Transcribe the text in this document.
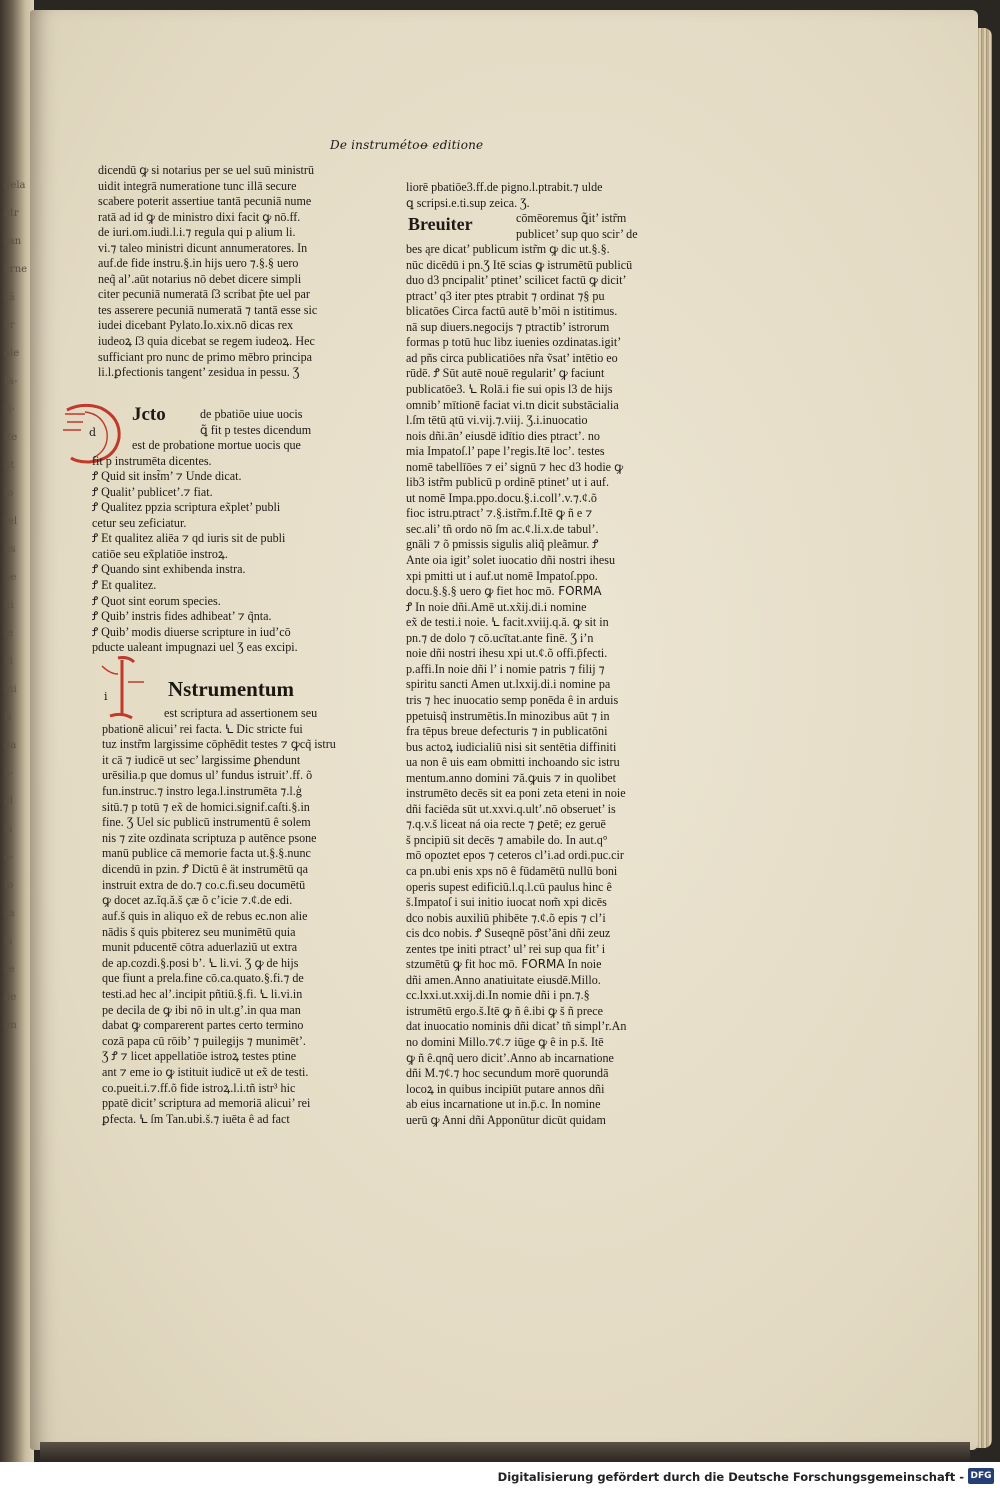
dela
etr
ran
erne
rã
er
oie
ta-
ti-
ite
nt
io
tel
us
ue
ni
ie
ci
mi
ti
da
a-
el
is
o-
lo
ra
is
re
de
im
De instrumétoꝋ editione
dicendū ꝙ si notarius per se uel suū ministrū
uidit integrā numeratione tunc illā secure
scabere poterit assertiue tantā pecuniā nume
ratā ad id ꝙ de ministro dixi facit ꝙ nō.ff.
de iuri.om.iudi.l.i.⁊ regula qui p alium li.
vi.⁊ taleo ministri dicunt annumeratores. In
auf.de fide instru.§.in hijs uero ⁊.§.§ uero
neq̃ al’.aūt notarius nō debet dicere simpli
citer pecuniā numeratā ſ3 scribat p̃te uel par
tes asserere pecuniā numeratā ⁊ tantā esse sic
iudei dicebant Pylato.Io.xix.nō dicas rex
iudeoꝝ ſ3 quia dicebat se regem iudeoꝝ. Hec
sufficiant pro nunc de primo mēbro principa
li.l.ꝑfectionis tangent’ zesidua in pessu. Ʒ
d
Jcto	de pbatiōe uiue uocis
ꝗ̃ fit p testes dicendum
est de probatione mortue uocis que
fit p instrumēta dicentes.
Ꝭ Quid sit inst̃m’ ⁊ Unde dicat.
Ꝭ Qualit’ publicet’.⁊ fiat.
Ꝭ Qualitez ppzia scriptura ex̃plet’ publi
cetur seu zeficiatur.
Ꝭ Et qualitez aliēa ⁊ qd iuris sit de publi
catiōe seu ex̃platiōe instroꝝ.
Ꝭ Quando sint exhibenda instra.
Ꝭ Et qualitez.
Ꝭ Quot sint eorum species.
Ꝭ Quib’ instris fides adhibeat’ ⁊ q̃nta.
Ꝭ Quib’ modis diuerse scripture in iud’cō
pducte ualeant impugnazi uel Ʒ eas excipi.
i	Nstrumentum
est scriptura ad assertionem seu
pbationē alicui’ rei facta. Ꝇ Dic stricte fui
tuz instr̃m largissime cōphēdit testes ⁊ ꝙcq̃ istru
it cā ⁊ iudicē ut sec’ largissime ꝑhendunt
urēsilia.p que domus ul’ fundus istruit’.ff. õ
fun.instruc.⁊ instro lega.l.instrumēta ⁊.l.ģ
sitū.⁊ p totū ⁊ ex̃ de homici.signif.caſti.§.in
fine. Ʒ Uel sic publicū instrumentū ê solem
nis ⁊ zite ozdinata scriptuza p autēnce psone
manū publice cā memorie facta ut.§.§.nunc
dicendū in pzin. Ꝭ Dictū ê ät instrumētū qa
instruit extra de do.⁊ co.c.fi.seu documētū
ꝙ docet az.ĩq.ă.š çæ õ c’icie ⁊.¢.de edi.
auf.š quis in aliquo ex̃ de rebus ec.non alie
nādis š quis pbiterez seu munimētū quia
munit pducentē cōtra aduerlaziū ut extra
de ap.cozdi.§.posi b’. Ꝇ li.vi. Ʒ ꝙ de hijs
que fiunt a prela.fine cō.ca.quato.§.fi.⁊ de
testi.ad hec al’.incipit pñtiū.§.fi. Ꝇ li.vi.in
pe decila de ꝙ ibi nō in ult.g’.in qua man
dabat ꝙ comparerent partes certo termino
cozā papa cū rōib’ ⁊ puilegijs ⁊ munimēt’.
Ʒ Ꝭ ⁊ licet appellatiōe istroꝝ testes ptine
ant ⁊ eme io ꝙ istituit iudicē ut ex̃ de testi.
co.pueit.i.⁊.ff.õ fide istroꝝ.l.i.tñ istr³ hic
ppatē dicit’ scriptura ad memoriā alicui’ rei
ꝑfecta. Ꝇ ſm Tan.ubi.š.⁊ iuēta ê ad fact
liorē pbatiōe3.ff.de pigno.l.ptrabit.⁊ ulde
ꝗ scripsi.e.ti.sup zeica. Ʒ.
Breuiter	cōmēoremus ꝗ̃it’ istr̃m
publicet’ sup quo scir’ de
bes ąre dicat’ publicum istr̃m ꝙ dic ut.§.§.
nūc dicēdū i pn.Ʒ Itē scias ꝙ istrumētū publicū
duo d3 pncipalit’ ptinet’ scilicet factū ꝙ dicit’
ptract’ q3 iter ptes ptrabit ⁊ ordinat ⁊§ pu
blicatōes Circa factū autē b’mōi n istitimus.
nā sup diuers.negocijs ⁊ ptractib’ istrorum
formas p totū huc libz iuenies ozdinatas.igit’
ad pñs circa publicatiōes nr̃a ṽsat’ intētio eo
rūdē. Ꝭ Sūt autē nouē regularit’ ꝙ faciunt
publicatōe3. Ꝇ Rolā.i fie sui opis l3 de hijs
omnib’ mītionē faciat vi.tn dicit substācialia
l.ſm tētū ątū vi.vij.⁊.viij. Ʒ.i.inuocatio
nois dñi.ān’ eiusdē idītio dies ptract’. no
mia Impatoſ.l’ pape l’regis.Itē loc’. testes
nomē tabellīōes ⁊ ei’ signū ⁊ hec d3 hodie ꝙ
lib3 istr̃m publicū p ordinē ptinet’ ut i auf.
ut nomē Impa.ppo.docu.§.i.coll’.v.⁊.¢.õ
fioc istru.ptract’ ⁊.§.istr̃m.f.Itē ꝙ ñ e ⁊
sec.ali’ tñ ordo nō ſm ac.¢.li.x.de tabul’.
gnāli ⁊ õ pmissis sigulis aliq̃ pleãmur. Ꝭ
Ante oia igit’ solet iuocatio dñi nostri ihesu
xpi pmitti ut i auf.ut nomē Impatoſ.ppo.
docu.§.§.§ uero ꝙ fiet hoc mō. FORMA
Ꝭ In noie dñi.Amē ut.xx̃ij.di.i nomine
ex̃ de testi.i noie. Ꝇ facit.xviij.q.ă. ꝙ sit in
pn.⁊ de dolo ⁊ cō.ucītat.ante finē. Ʒ i’n
noie dñi nostri ihesu xpi ut.¢.õ offi.p̄fecti.
p.affi.In noie dñi l’ i nomie patris ⁊ filij ⁊
spiritu sancti Amen ut.lxxij.di.i nomine pa
tris ⁊ hec inuocatio semp ponēda ê in arduis
ppetuisq̃ instrumētis.In minozibus aūt ⁊ in
fra tēpus breue defecturis ⁊ in publicatōni
bus actoꝝ iudicialiū nisi sit sentētia diffiniti
ua non ê uis eam obmitti inchoando sic istru
mentum.anno domini ⁊ă.ꝙuis ⁊ in quolibet
instrumēto decēs sit ea poni zeta eteni in noie
dñi faciēda sūt ut.xxvi.q.ult’.nō obseruet’ is
⁊.q.v.š liceat ná oia recte ⁊ ꝑetē; ez geruē
š pncipiū sit decēs ⁊ amabile do. In aut.q°
mō opoztet epos ⁊ ceteros cl’i.ad ordi.puc.cir
ca pn.ubi enis xps nō ê fūdamētū nullū boni
operis supest edificiū.l.q.l.cū paulus hinc ê
š.Impatoſ i sui initio iuocat nom̃ xpi dicēs
dco nobis auxiliū phibēte ⁊.¢.õ epis ⁊ cl’i
cis dco nobis. Ꝭ Suseqnē pōst’āni dñi zeuz
zentes tpe initi ptract’ ul’ rei sup qua fit’ i
stzumētū ꝙ fit hoc mō. FORMA In noie
dñi amen.Anno anatiuitate eiusdē.Millo.
cc.lxxi.ut.xxij.di.In nomie dñi i pn.⁊.§
istrumētū ergo.š.Itē ꝙ ñ ê.ibi ꝙ š ñ prece
dat inuocatio nominis dñi dicat’ tñ simpl’r.An
no domini Millo.⁊¢.⁊ iūge ꝙ ê in p.š. Itē
ꝙ ñ ê.qnq̃ uero dicit’.Anno ab incarnatione
dñi M.⁊¢.⁊ hoc secundum morē quorundā
locoꝝ in quibus incipiūt putare annos dñi
ab eius incarnatione ut in.p̄.c. In nomine
uerū ꝙ Anni dñi Apponūtur dicūt quidam
Digitalisierung gefördert durch die Deutsche Forschungsgemeinschaft - DFG
